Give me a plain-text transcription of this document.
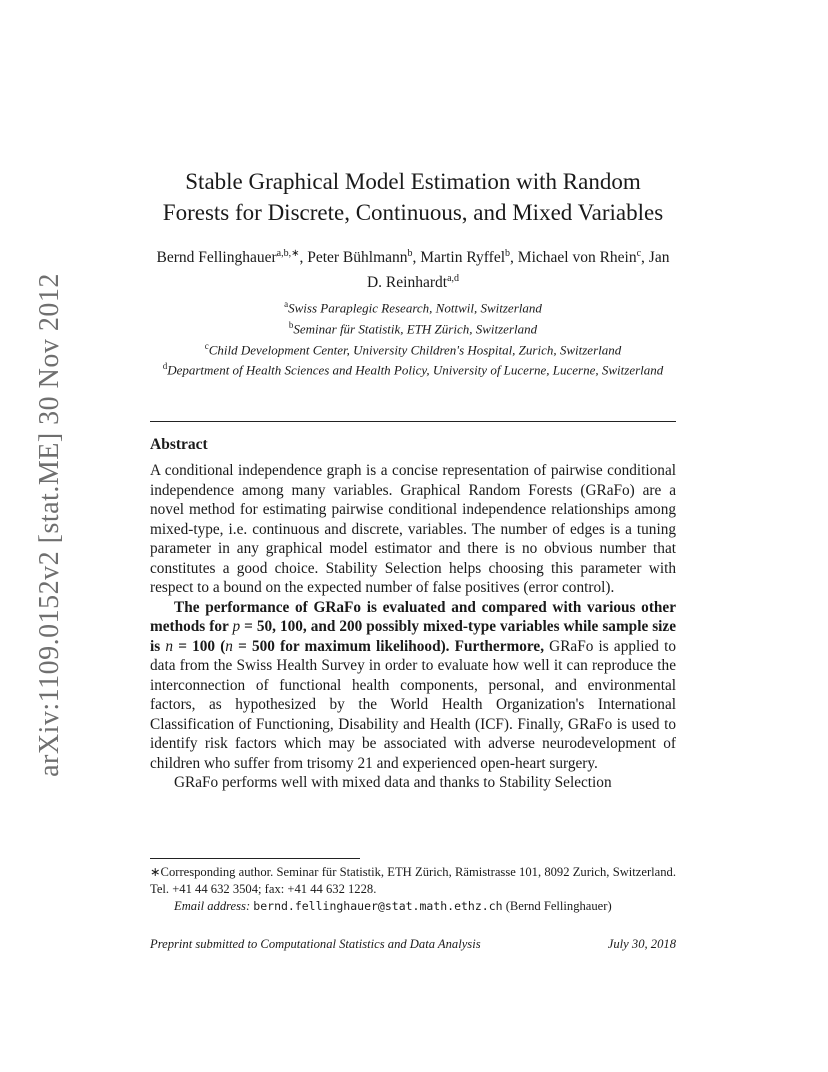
arXiv:1109.0152v2 [stat.ME] 30 Nov 2012
Stable Graphical Model Estimation with Random
Forests for Discrete, Continuous, and Mixed Variables
Bernd Fellinghauer$^{a,b,∗}$, Peter Bühlmann$^b$, Martin Ryffel$^b$, Michael von Rhein$^c$, Jan D. Reinhardt$^{a,d}$
$^a$Swiss Paraplegic Research, Nottwil, Switzerland
$^b$Seminar für Statistik, ETH Zürich, Switzerland
$^c$Child Development Center, University Children's Hospital, Zurich, Switzerland
$^d$Department of Health Sciences and Health Policy, University of Lucerne, Lucerne, Switzerland
Abstract

A conditional independence graph is a concise representation of pairwise conditional independence among many variables. Graphical Random Forests (GRaFo) are a novel method for estimating pairwise conditional independence relationships among mixed-type, i.e. continuous and discrete, variables. The number of edges is a tuning parameter in any graphical model estimator and there is no obvious number that constitutes a good choice. Stability Selection helps choosing this parameter with respect to a bound on the expected number of false positives (error control).

The performance of GRaFo is evaluated and compared with various other methods for p = 50, 100, and 200 possibly mixed-type variables while sample size is n = 100 (n = 500 for maximum likelihood). Furthermore, GRaFo is applied to data from the Swiss Health Survey in order to evaluate how well it can reproduce the interconnection of functional health components, personal, and environmental factors, as hypothesized by the World Health Organization's International Classification of Functioning, Disability and Health (ICF). Finally, GRaFo is used to identify risk factors which may be associated with adverse neurodevelopment of children who suffer from trisomy 21 and experienced open-heart surgery.

GRaFo performs well with mixed data and thanks to Stability Selection

∗Corresponding author. Seminar für Statistik, ETH Zürich, Rämistrasse 101, 8092 Zurich, Switzerland. Tel. +41 44 632 3504; fax: +41 44 632 1228.

Email address: bernd.fellinghauer@stat.math.ethz.ch (Bernd Fellinghauer)

Preprint submitted to Computational Statistics and Data Analysis	July 30, 2018
